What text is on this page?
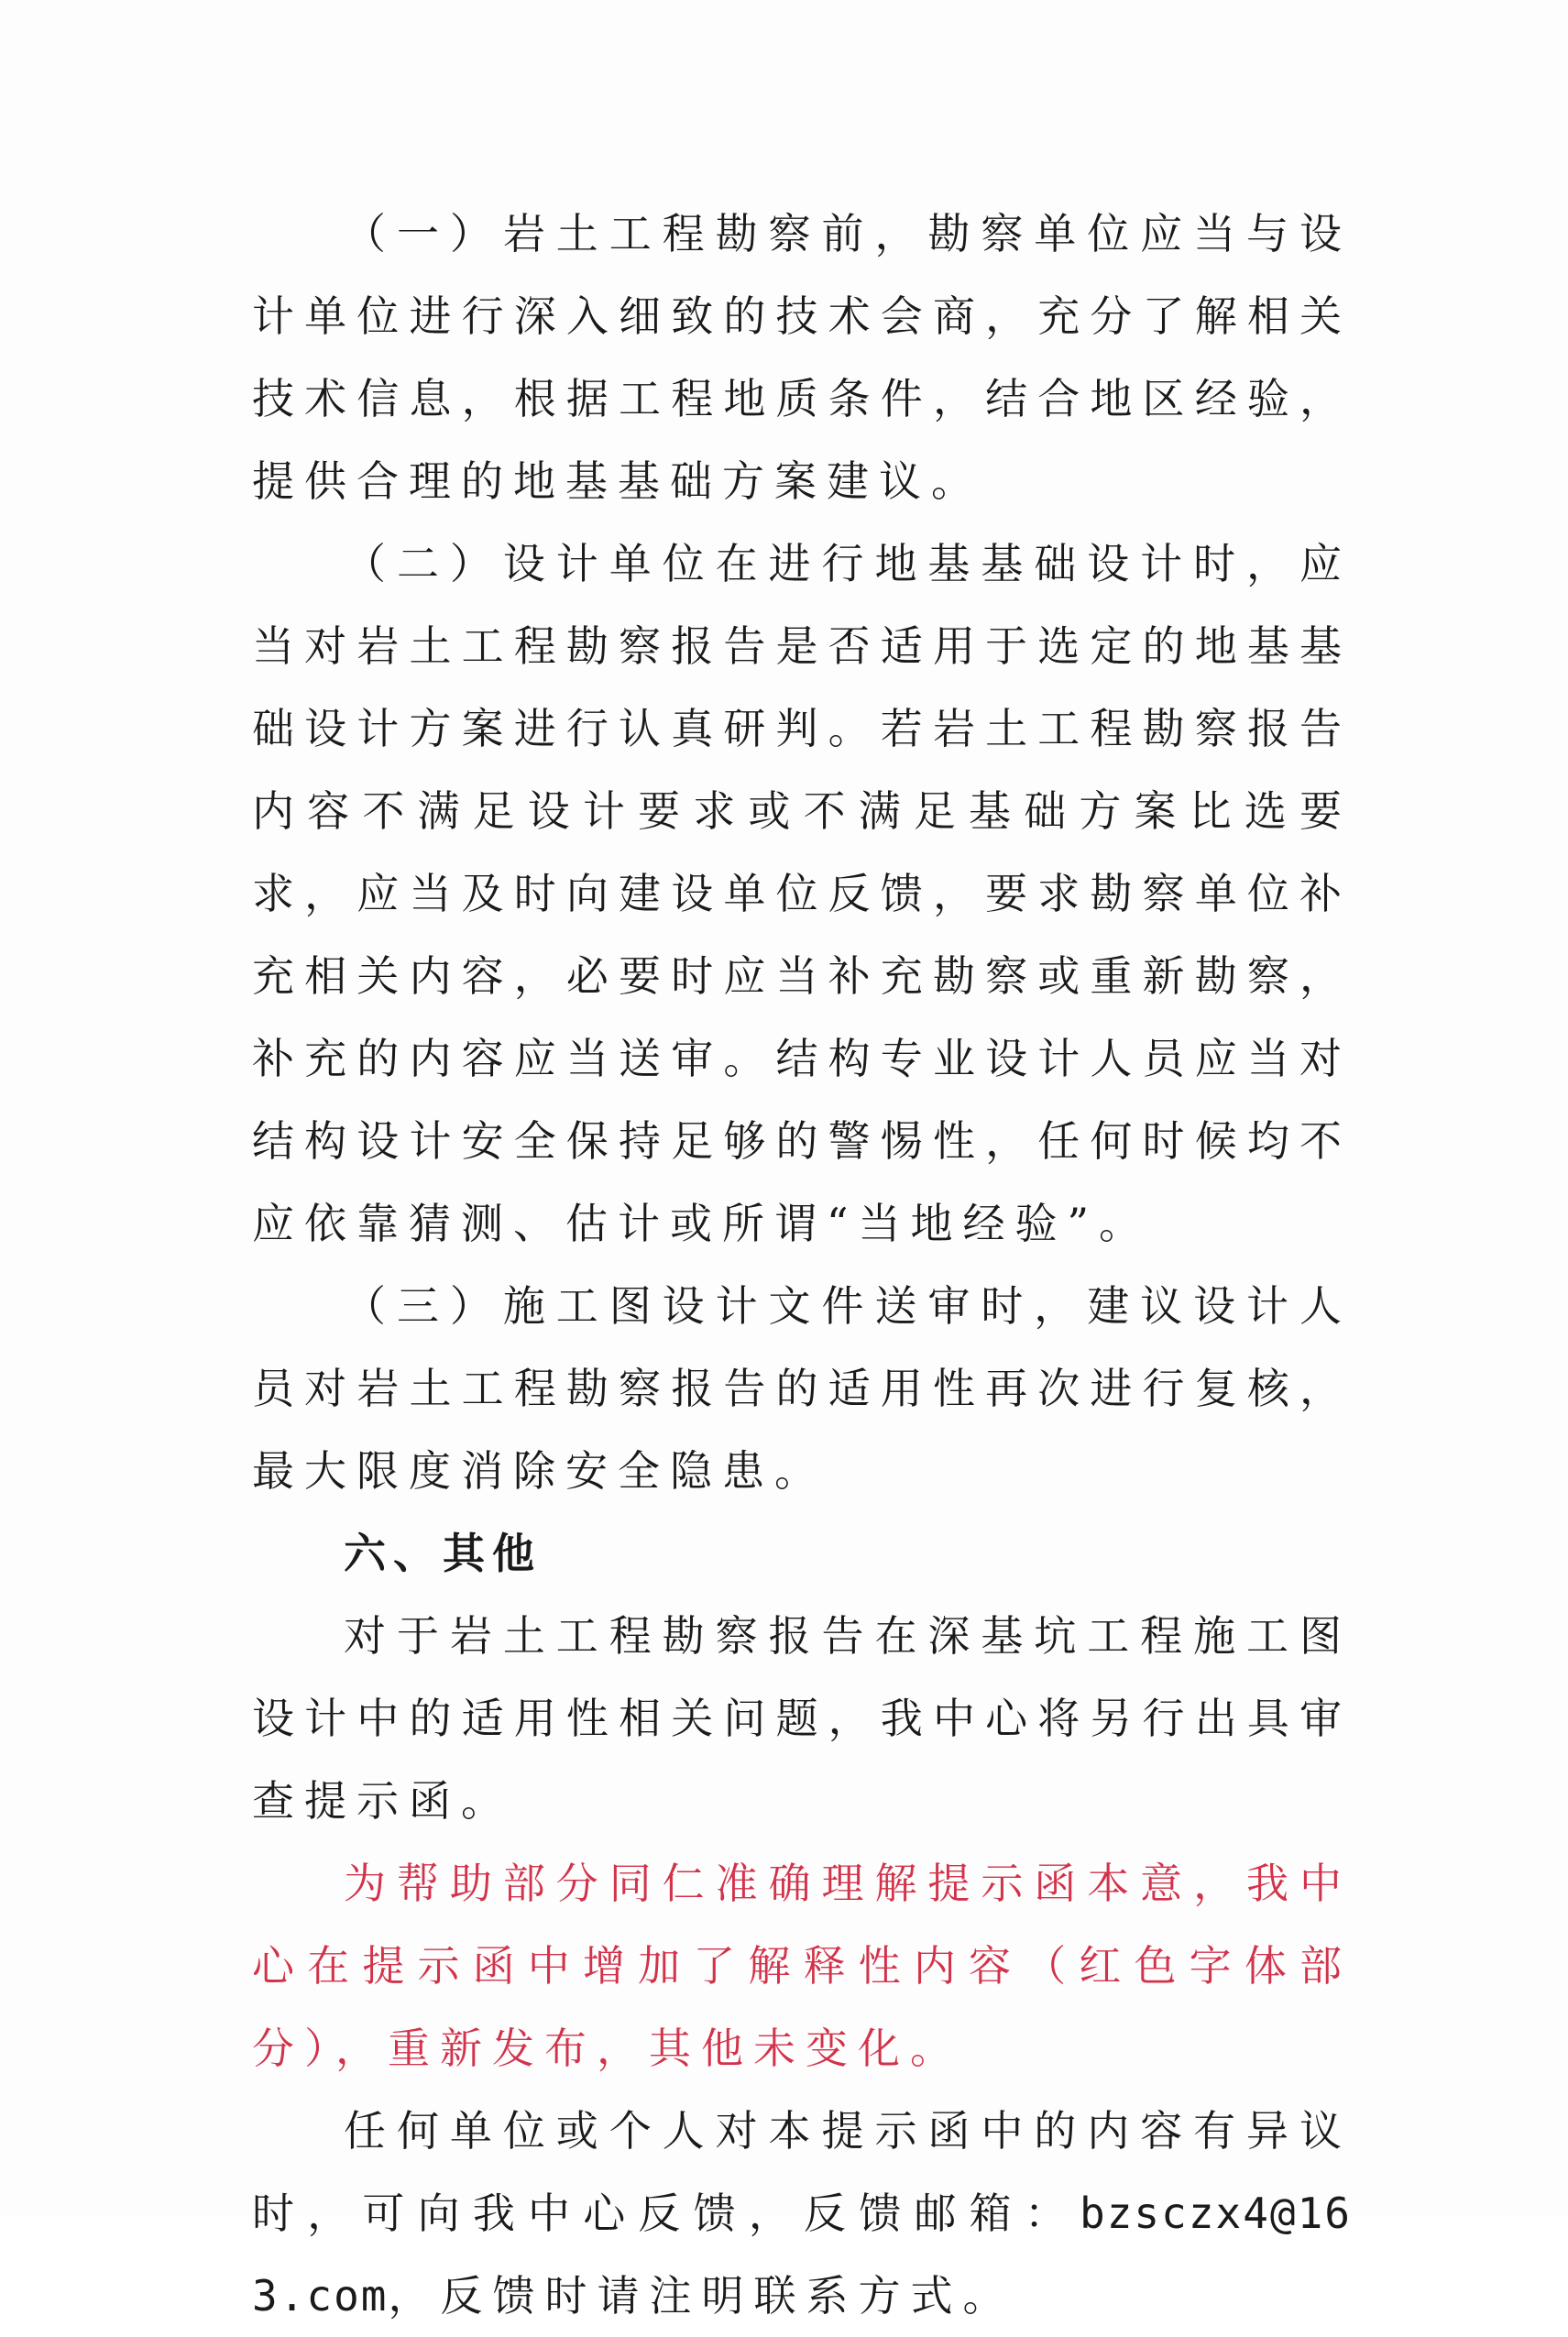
（一）岩土工程勘察前，勘察单位应当与设计单位进行深入细致的技术会商，充分了解相关技术信息，根据工程地质条件，结合地区经验，提供合理的地基基础方案建议。

（二）设计单位在进行地基基础设计时，应当对岩土工程勘察报告是否适用于选定的地基基础设计方案进行认真研判。若岩土工程勘察报告内容不满足设计要求或不满足基础方案比选要求，应当及时向建设单位反馈，要求勘察单位补充相关内容，必要时应当补充勘察或重新勘察，补充的内容应当送审。结构专业设计人员应当对结构设计安全保持足够的警惕性，任何时候均不应依靠猜测、估计或所谓“当地经验”。

（三）施工图设计文件送审时，建议设计人员对岩土工程勘察报告的适用性再次进行复核，最大限度消除安全隐患。

六、其他

对于岩土工程勘察报告在深基坑工程施工图设计中的适用性相关问题，我中心将另行出具审查提示函。

为帮助部分同仁准确理解提示函本意，我中心在提示函中增加了解释性内容（红色字体部分），重新发布，其他未变化。

任何单位或个人对本提示函中的内容有异议时，可向我中心反馈，反馈邮箱：bzsczx4@163.com，反馈时请注明联系方式。
